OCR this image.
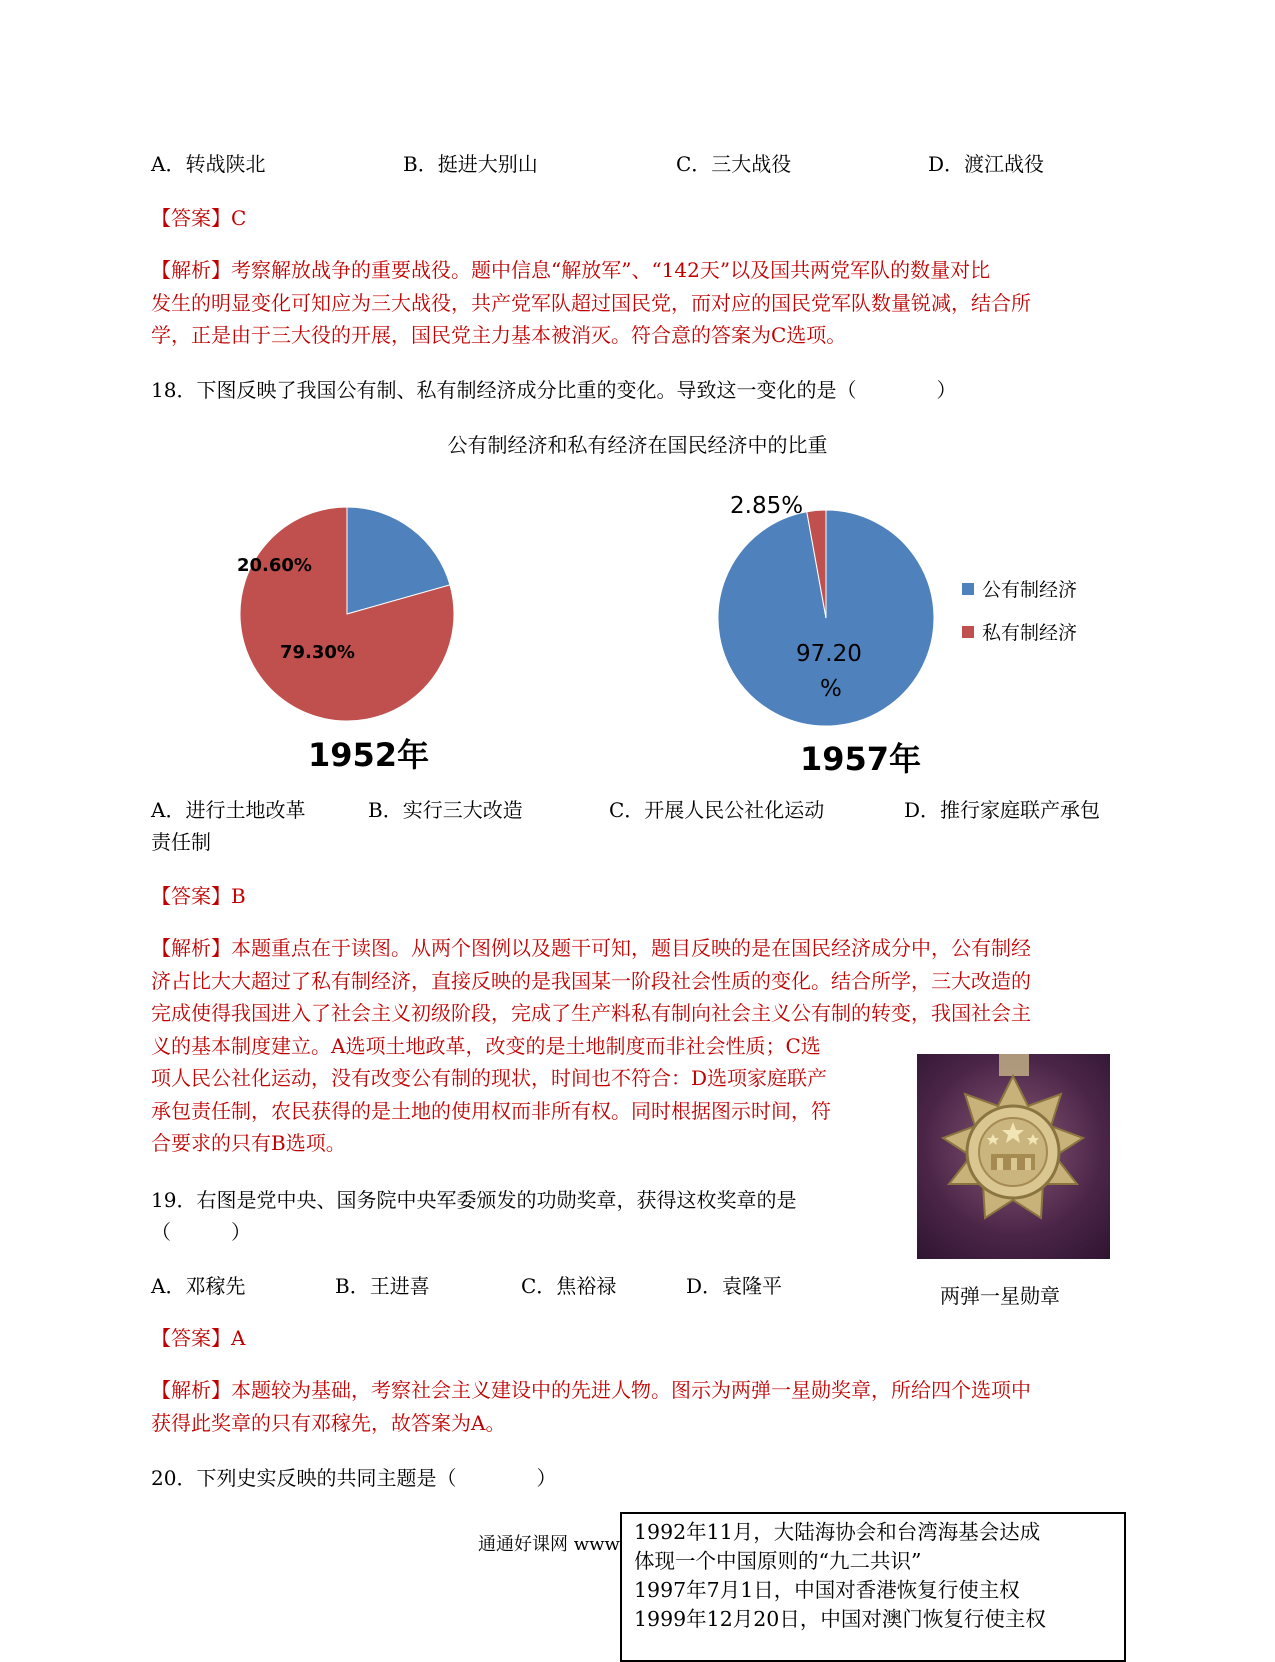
A．转战陕北	B．挺进大别山	C．三大战役	D．渡江战役
【答案】C
【解析】考察解放战争的重要战役。题中信息“解放军”、“142天”以及国共两党军队的数量对比
发生的明显变化可知应为三大战役，共产党军队超过国民党，而对应的国民党军队数量锐减，结合所
学，正是由于三大役的开展，国民党主力基本被消灭。符合意的答案为C选项。
18．下图反映了我国公有制、私有制经济成分比重的变化。导致这一变化的是（　　　　）
公有制经济和私有经济在国民经济中的比重
20.60%
79.30%
1952年
2.85%
97.20
%
1957年
公有制经济
私有制经济
A．进行土地改革	B．实行三大改造	C．开展人民公社化运动	D．推行家庭联产承包
责任制
【答案】B
【解析】本题重点在于读图。从两个图例以及题干可知，题目反映的是在国民经济成分中，公有制经
济占比大大超过了私有制经济，直接反映的是我国某一阶段社会性质的变化。结合所学，三大改造的
完成使得我国进入了社会主义初级阶段，完成了生产料私有制向社会主义公有制的转变，我国社会主
义的基本制度建立。A选项土地政革，改变的是土地制度而非社会性质；C选
项人民公社化运动，没有改变公有制的现状，时间也不符合：D选项家庭联产
承包责任制，农民获得的是土地的使用权而非所有权。同时根据图示时间，符
合要求的只有B选项。
两弹一星勋章
19．右图是党中央、国务院中央军委颁发的功勋奖章，获得这枚奖章的是
（　　　）
A．邓稼先	B．王进喜	C．焦裕禄	D．袁隆平
【答案】A
【解析】本题较为基础，考察社会主义建设中的先进人物。图示为两弹一星勋奖章，所给四个选项中
获得此奖章的只有邓稼先，故答案为A。
20．下列史实反映的共同主题是（　　　　）
通通好课网 www
1992年11月，大陆海协会和台湾海基会达成
体现一个中国原则的“九二共识”
1997年7月1日，中国对香港恢复行使主权
1999年12月20日，中国对澳门恢复行使主权
